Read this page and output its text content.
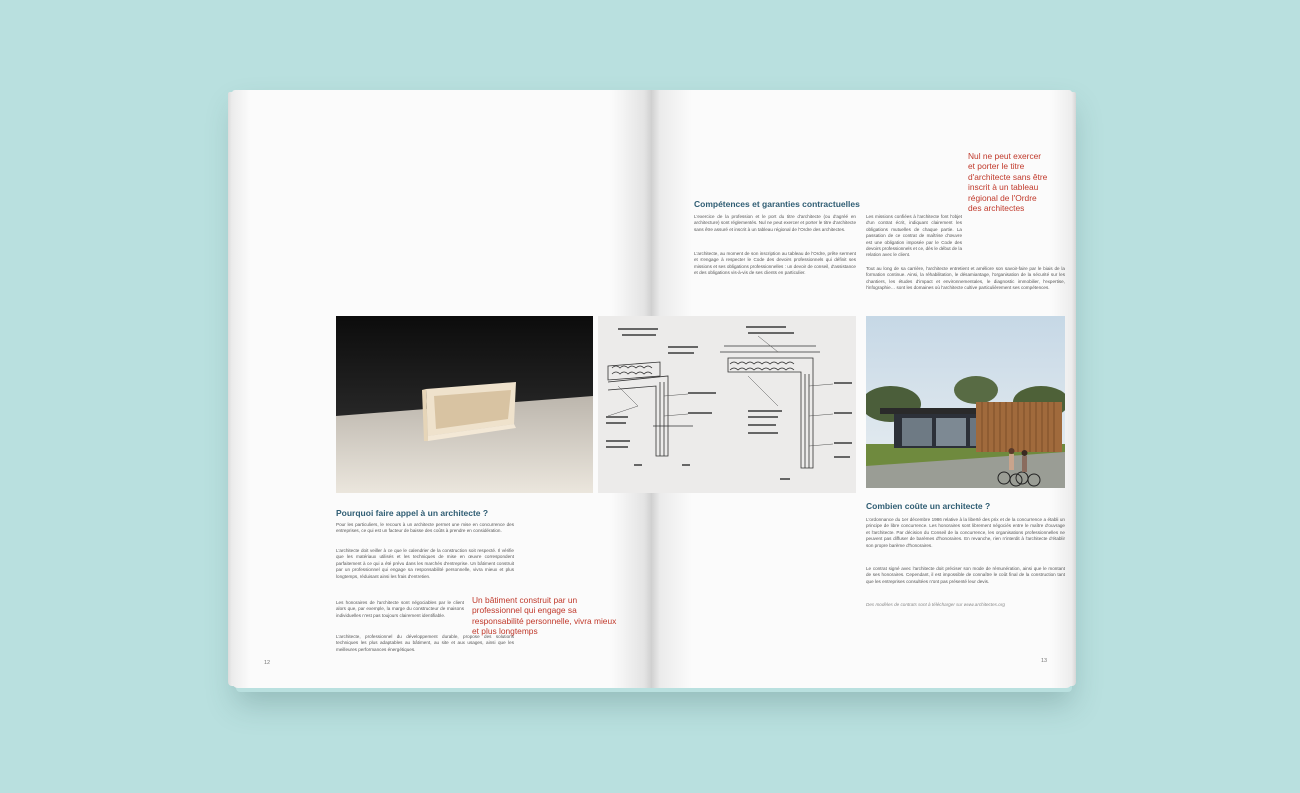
Compétences et garanties contractuelles

L'exercice de la profession et le port du titre d'architecte (ou d'agréé en architecture) sont réglementés. Nul ne peut exercer et porter le titre d'architecte sans être assuré et inscrit à un tableau régional de l'Ordre des architectes.

L'architecte, au moment de son inscription au tableau de l'Ordre, prête serment et s'engage à respecter le Code des devoirs professionnels qui définit ses missions et ses obligations professionnelles : un devoir de conseil, d'assistance et des obligations vis-à-vis de ses clients en particulier.

Les missions confiées à l'architecte font l'objet d'un contrat écrit, indiquant clairement les obligations mutuelles de chaque partie. La passation de ce contrat de maîtrise d'œuvre est une obligation imposée par le Code des devoirs professionnels et ce, dès le début de la relation avec le client.

Tout au long de sa carrière, l'architecte entretient et améliore son savoir-faire par le biais de la formation continue. Ainsi, la réhabilitation, le désamiantage, l'organisation de la sécurité sur les chantiers, les études d'impact et environnementales, le diagnostic immobilier, l'expertise, l'infographie… sont les domaines où l'architecte cultive particulièrement ses compétences.

Nul ne peut exercer et porter le titre d'architecte sans être inscrit à un tableau régional de l'Ordre des architectes

Pourquoi faire appel à un architecte ?

Pour les particuliers, le recours à un architecte permet une mise en concurrence des entreprises, ce qui est un facteur de baisse des coûts à prendre en considération.

L'architecte doit veiller à ce que le calendrier de la construction soit respecté. Il vérifie que les matériaux utilisés et les techniques de mise en œuvre correspondent parfaitement à ce qui a été prévu dans les marchés d'entreprise. Un bâtiment construit par un professionnel qui engage sa responsabilité personnelle, vivra mieux et plus longtemps, réduisant ainsi les frais d'entretien.

Les honoraires de l'architecte sont négociables par le client alors que, par exemple, la marge du constructeur de maisons individuelles n'est pas toujours clairement identifiable.

L'architecte, professionnel du développement durable, propose des solutions techniques les plus adaptables au bâtiment, au site et aux usages, ainsi que les meilleures performances énergétiques.

Un bâtiment construit par un professionnel qui engage sa responsabilité personnelle, vivra mieux et plus longtemps

12
Combien coûte un architecte ?

L'ordonnance du 1er décembre 1986 relative à la liberté des prix et de la concurrence a établi un principe de libre concurrence. Les honoraires sont librement négociés entre le maître d'ouvrage et l'architecte. Par décision du Conseil de la concurrence, les organisations professionnelles ne peuvent pas diffuser de barèmes d'honoraires. En revanche, rien n'interdit à l'architecte d'établir son propre barème d'honoraires.

Le contrat signé avec l'architecte doit préciser son mode de rémunération, ainsi que le montant de ses honoraires. Cependant, il est impossible de connaître le coût final de la construction tant que les entreprises consultées n'ont pas présenté leur devis.

Des modèles de contrats sont à télécharger sur www.architectes.org
13
